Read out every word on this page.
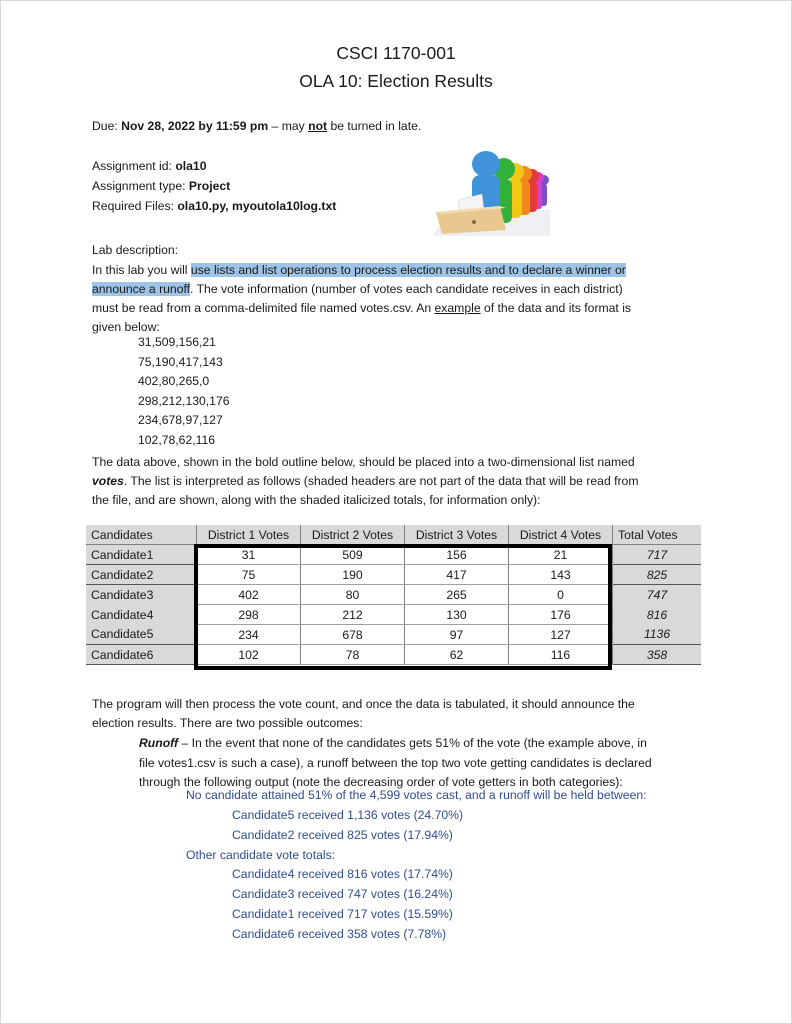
CSCI 1170-001
OLA 10: Election Results
Due: Nov 28, 2022 by 11:59 pm – may not be turned in late.
Assignment id: ola10
Assignment type: Project
Required Files: ola10.py, myoutola10log.txt
Lab description:
In this lab you will use lists and list operations to process election results and to declare a winner or
announce a runoff. The vote information (number of votes each candidate receives in each district)
must be read from a comma-delimited file named votes.csv. An example of the data and its format is
given below:
31,509,156,21
75,190,417,143
402,80,265,0
298,212,130,176
234,678,97,127
102,78,62,116
The data above, shown in the bold outline below, should be placed into a two-dimensional list named
votes. The list is interpreted as follows (shaded headers are not part of the data that will be read from
the file, and are shown, along with the shaded italicized totals, for information only):
Candidates	District 1 Votes	District 2 Votes	District 3 Votes	District 4 Votes	Total Votes
Candidate1	31	509	156	21	717
Candidate2	75	190	417	143	825
Candidate3	402	80	265	0	747
Candidate4	298	212	130	176	816
Candidate5	234	678	97	127	1136
Candidate6	102	78	62	116	358
The program will then process the vote count, and once the data is tabulated, it should announce the
election results. There are two possible outcomes:
Runoff – In the event that none of the candidates gets 51% of the vote (the example above, in
file votes1.csv is such a case), a runoff between the top two vote getting candidates is declared
through the following output (note the decreasing order of vote getters in both categories):
No candidate attained 51% of the 4,599 votes cast, and a runoff will be held between:
Candidate5 received 1,136 votes (24.70%)
Candidate2 received 825 votes (17.94%)
Other candidate vote totals:
Candidate4 received 816 votes (17.74%)
Candidate3 received 747 votes (16.24%)
Candidate1 received 717 votes (15.59%)
Candidate6 received 358 votes (7.78%)
